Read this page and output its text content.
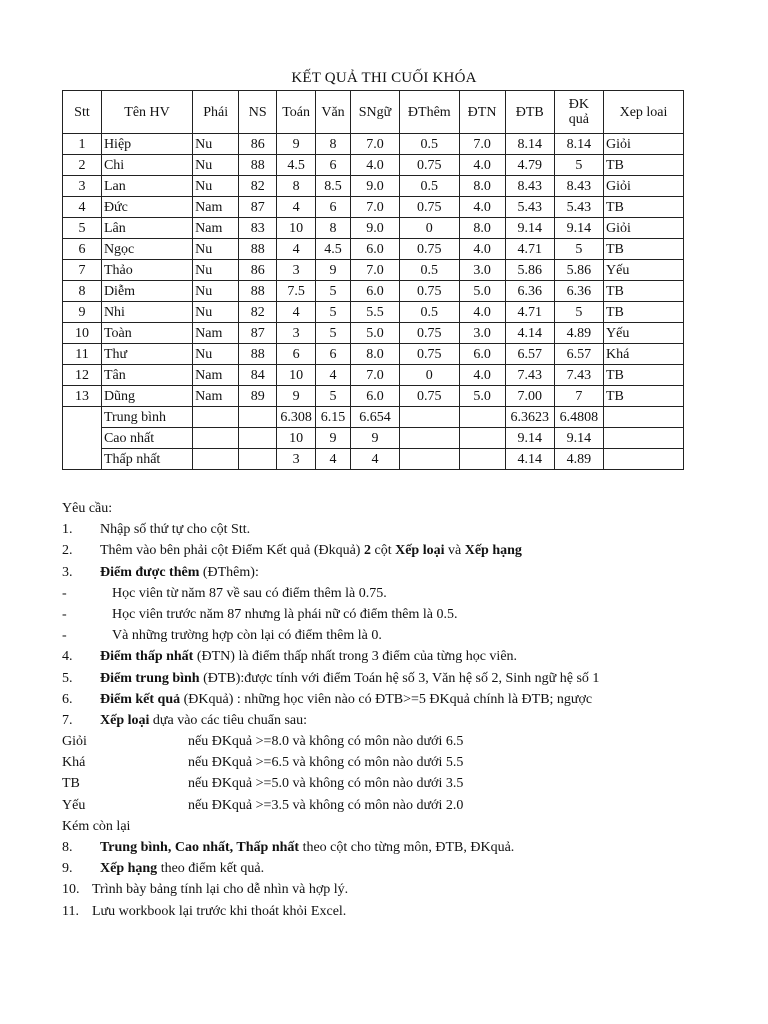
KẾT QUẢ THI CUỐI KHÓA
Stt	Tên HV	Phái	NS	Toán	Văn	SNgữ	ĐThêm	ĐTN	ĐTB	ĐK quả	Xep loai
1	Hiệp	Nu	86	9	8	7.0	0.5	7.0	8.14	8.14	Giỏi
2	Chi	Nu	88	4.5	6	4.0	0.75	4.0	4.79	5	TB
3	Lan	Nu	82	8	8.5	9.0	0.5	8.0	8.43	8.43	Giỏi
4	Đức	Nam	87	4	6	7.0	0.75	4.0	5.43	5.43	TB
5	Lân	Nam	83	10	8	9.0	0	8.0	9.14	9.14	Giỏi
6	Ngọc	Nu	88	4	4.5	6.0	0.75	4.0	4.71	5	TB
7	Thảo	Nu	86	3	9	7.0	0.5	3.0	5.86	5.86	Yếu
8	Diễm	Nu	88	7.5	5	6.0	0.75	5.0	6.36	6.36	TB
9	Nhi	Nu	82	4	5	5.5	0.5	4.0	4.71	5	TB
10	Toàn	Nam	87	3	5	5.0	0.75	3.0	4.14	4.89	Yếu
11	Thư	Nu	88	6	6	8.0	0.75	6.0	6.57	6.57	Khá
12	Tân	Nam	84	10	4	7.0	0	4.0	7.43	7.43	TB
13	Dũng	Nam	89	9	5	6.0	0.75	5.0	7.00	7	TB
	Trung bình			6.308	6.15	6.654			6.3623	6.4808	
	Cao nhất			10	9	9			9.14	9.14	
	Thấp nhất			3	4	4			4.14	4.89	
Yêu cầu:
1. Nhập số thứ tự cho cột Stt.
2. Thêm vào bên phải cột Điểm Kết quả (Đkquả) 2 cột Xếp loại và Xếp hạng
3. Điểm được thêm (ĐThêm):
-	Học viên từ năm 87 về sau có điểm thêm là 0.75.
-	Học viên trước năm 87 nhưng là phái nữ có điểm thêm là 0.5.
-	Và những trường hợp còn lại có điểm thêm là 0.
4. Điểm thấp nhất (ĐTN) là điểm thấp nhất trong 3 điểm của từng học viên.
5. Điểm trung bình (ĐTB):được tính với điểm Toán hệ số 3, Văn hệ số 2, Sinh ngữ hệ số 1
6. Điểm kết quả (ĐKquả) : những học viên nào có ĐTB>=5 ĐKquả chính là ĐTB; ngược
7. Xếp loại dựa vào các tiêu chuẩn sau:
Giỏi	nếu ĐKquả >=8.0 và không có môn nào dưới 6.5
Khá	nếu ĐKquả >=6.5 và không có môn nào dưới 5.5
TB	nếu ĐKquả >=5.0 và không có môn nào dưới 3.5
Yếu	nếu ĐKquả >=3.5 và không có môn nào dưới 2.0
Kém còn lại
8. Trung bình, Cao nhất, Thấp nhất theo cột cho từng môn, ĐTB, ĐKquả.
9. Xếp hạng theo điểm kết quả.
10. Trình bày bảng tính lại cho dễ nhìn và hợp lý.
11. Lưu workbook lại trước khi thoát khỏi Excel.
